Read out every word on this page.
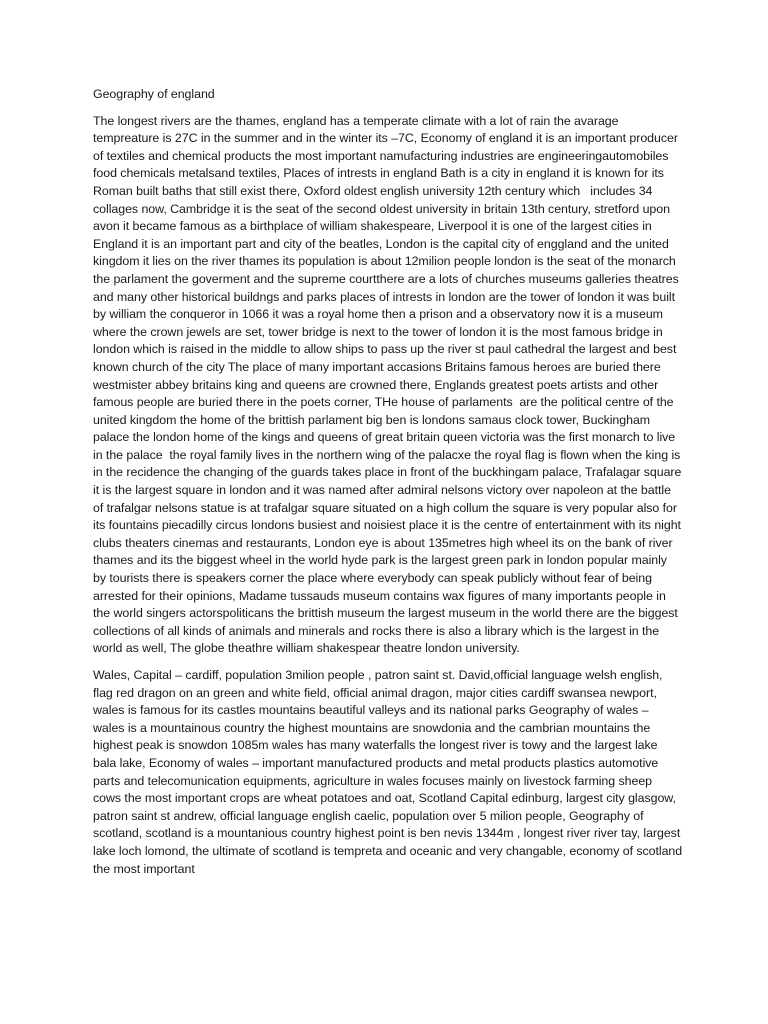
Geography of england
The longest rivers are the thames, england has a temperate climate with a lot of rain the avarage tempreature is 27C in the summer and in the winter its –7C, Economy of england it is an important producer of textiles and chemical products the most important namufacturing industries are engineeringautomobiles food chemicals metalsand textiles, Places of intrests in england Bath is a city in england it is known for its Roman built baths that still exist there, Oxford oldest english university 12th century which   includes 34 collages now, Cambridge it is the seat of the second oldest university in britain 13th century, stretford upon avon it became famous as a birthplace of william shakespeare, Liverpool it is one of the largest cities in England it is an important part and city of the beatles, London is the capital city of enggland and the united kingdom it lies on the river thames its population is about 12milion people london is the seat of the monarch the parlament the goverment and the supreme courtthere are a lots of churches museums galleries theatres and many other historical buildngs and parks places of intrests in london are the tower of london it was built by william the conqueror in 1066 it was a royal home then a prison and a observatory now it is a museum where the crown jewels are set, tower bridge is next to the tower of london it is the most famous bridge in london which is raised in the middle to allow ships to pass up the river st paul cathedral the largest and best known church of the city The place of many important accasions Britains famous heroes are buried there westmister abbey britains king and queens are crowned there, Englands greatest poets artists and other famous people are buried there in the poets corner, THe house of parlaments  are the political centre of the united kingdom the home of the brittish parlament big ben is londons samaus clock tower, Buckingham palace the london home of the kings and queens of great britain queen victoria was the first monarch to live in the palace  the royal family lives in the northern wing of the palacxe the royal flag is flown when the king is in the recidence the changing of the guards takes place in front of the buckhingam palace, Trafalagar square it is the largest square in london and it was named after admiral nelsons victory over napoleon at the battle of trafalgar nelsons statue is at trafalgar square situated on a high collum the square is very popular also for its fountains piecadilly circus londons busiest and noisiest place it is the centre of entertainment with its night clubs theaters cinemas and restaurants, London eye is about 135metres high wheel its on the bank of river thames and its the biggest wheel in the world hyde park is the largest green park in london popular mainly by tourists there is speakers corner the place where everybody can speak publicly without fear of being arrested for their opinions, Madame tussauds museum contains wax figures of many importants people in the world singers actorspoliticans the brittish museum the largest museum in the world there are the biggest collections of all kinds of animals and minerals and rocks there is also a library which is the largest in the world as well, The globe theathre william shakespear theatre london university.
Wales, Capital – cardiff, population 3milion people , patron saint st. David,official language welsh english, flag red dragon on an green and white field, official animal dragon, major cities cardiff swansea newport, wales is famous for its castles mountains beautiful valleys and its national parks Geography of wales – wales is a mountainous country the highest mountains are snowdonia and the cambrian mountains the highest peak is snowdon 1085m wales has many waterfalls the longest river is towy and the largest lake bala lake, Economy of wales – important manufactured products and metal products plastics automotive parts and telecomunication equipments, agriculture in wales focuses mainly on livestock farming sheep cows the most important crops are wheat potatoes and oat, Scotland Capital edinburg, largest city glasgow, patron saint st andrew, official language english caelic, population over 5 milion people, Geography of scotland, scotland is a mountanious country highest point is ben nevis 1344m , longest river river tay, largest lake loch lomond, the ultimate of scotland is tempreta and oceanic and very changable, economy of scotland the most important
